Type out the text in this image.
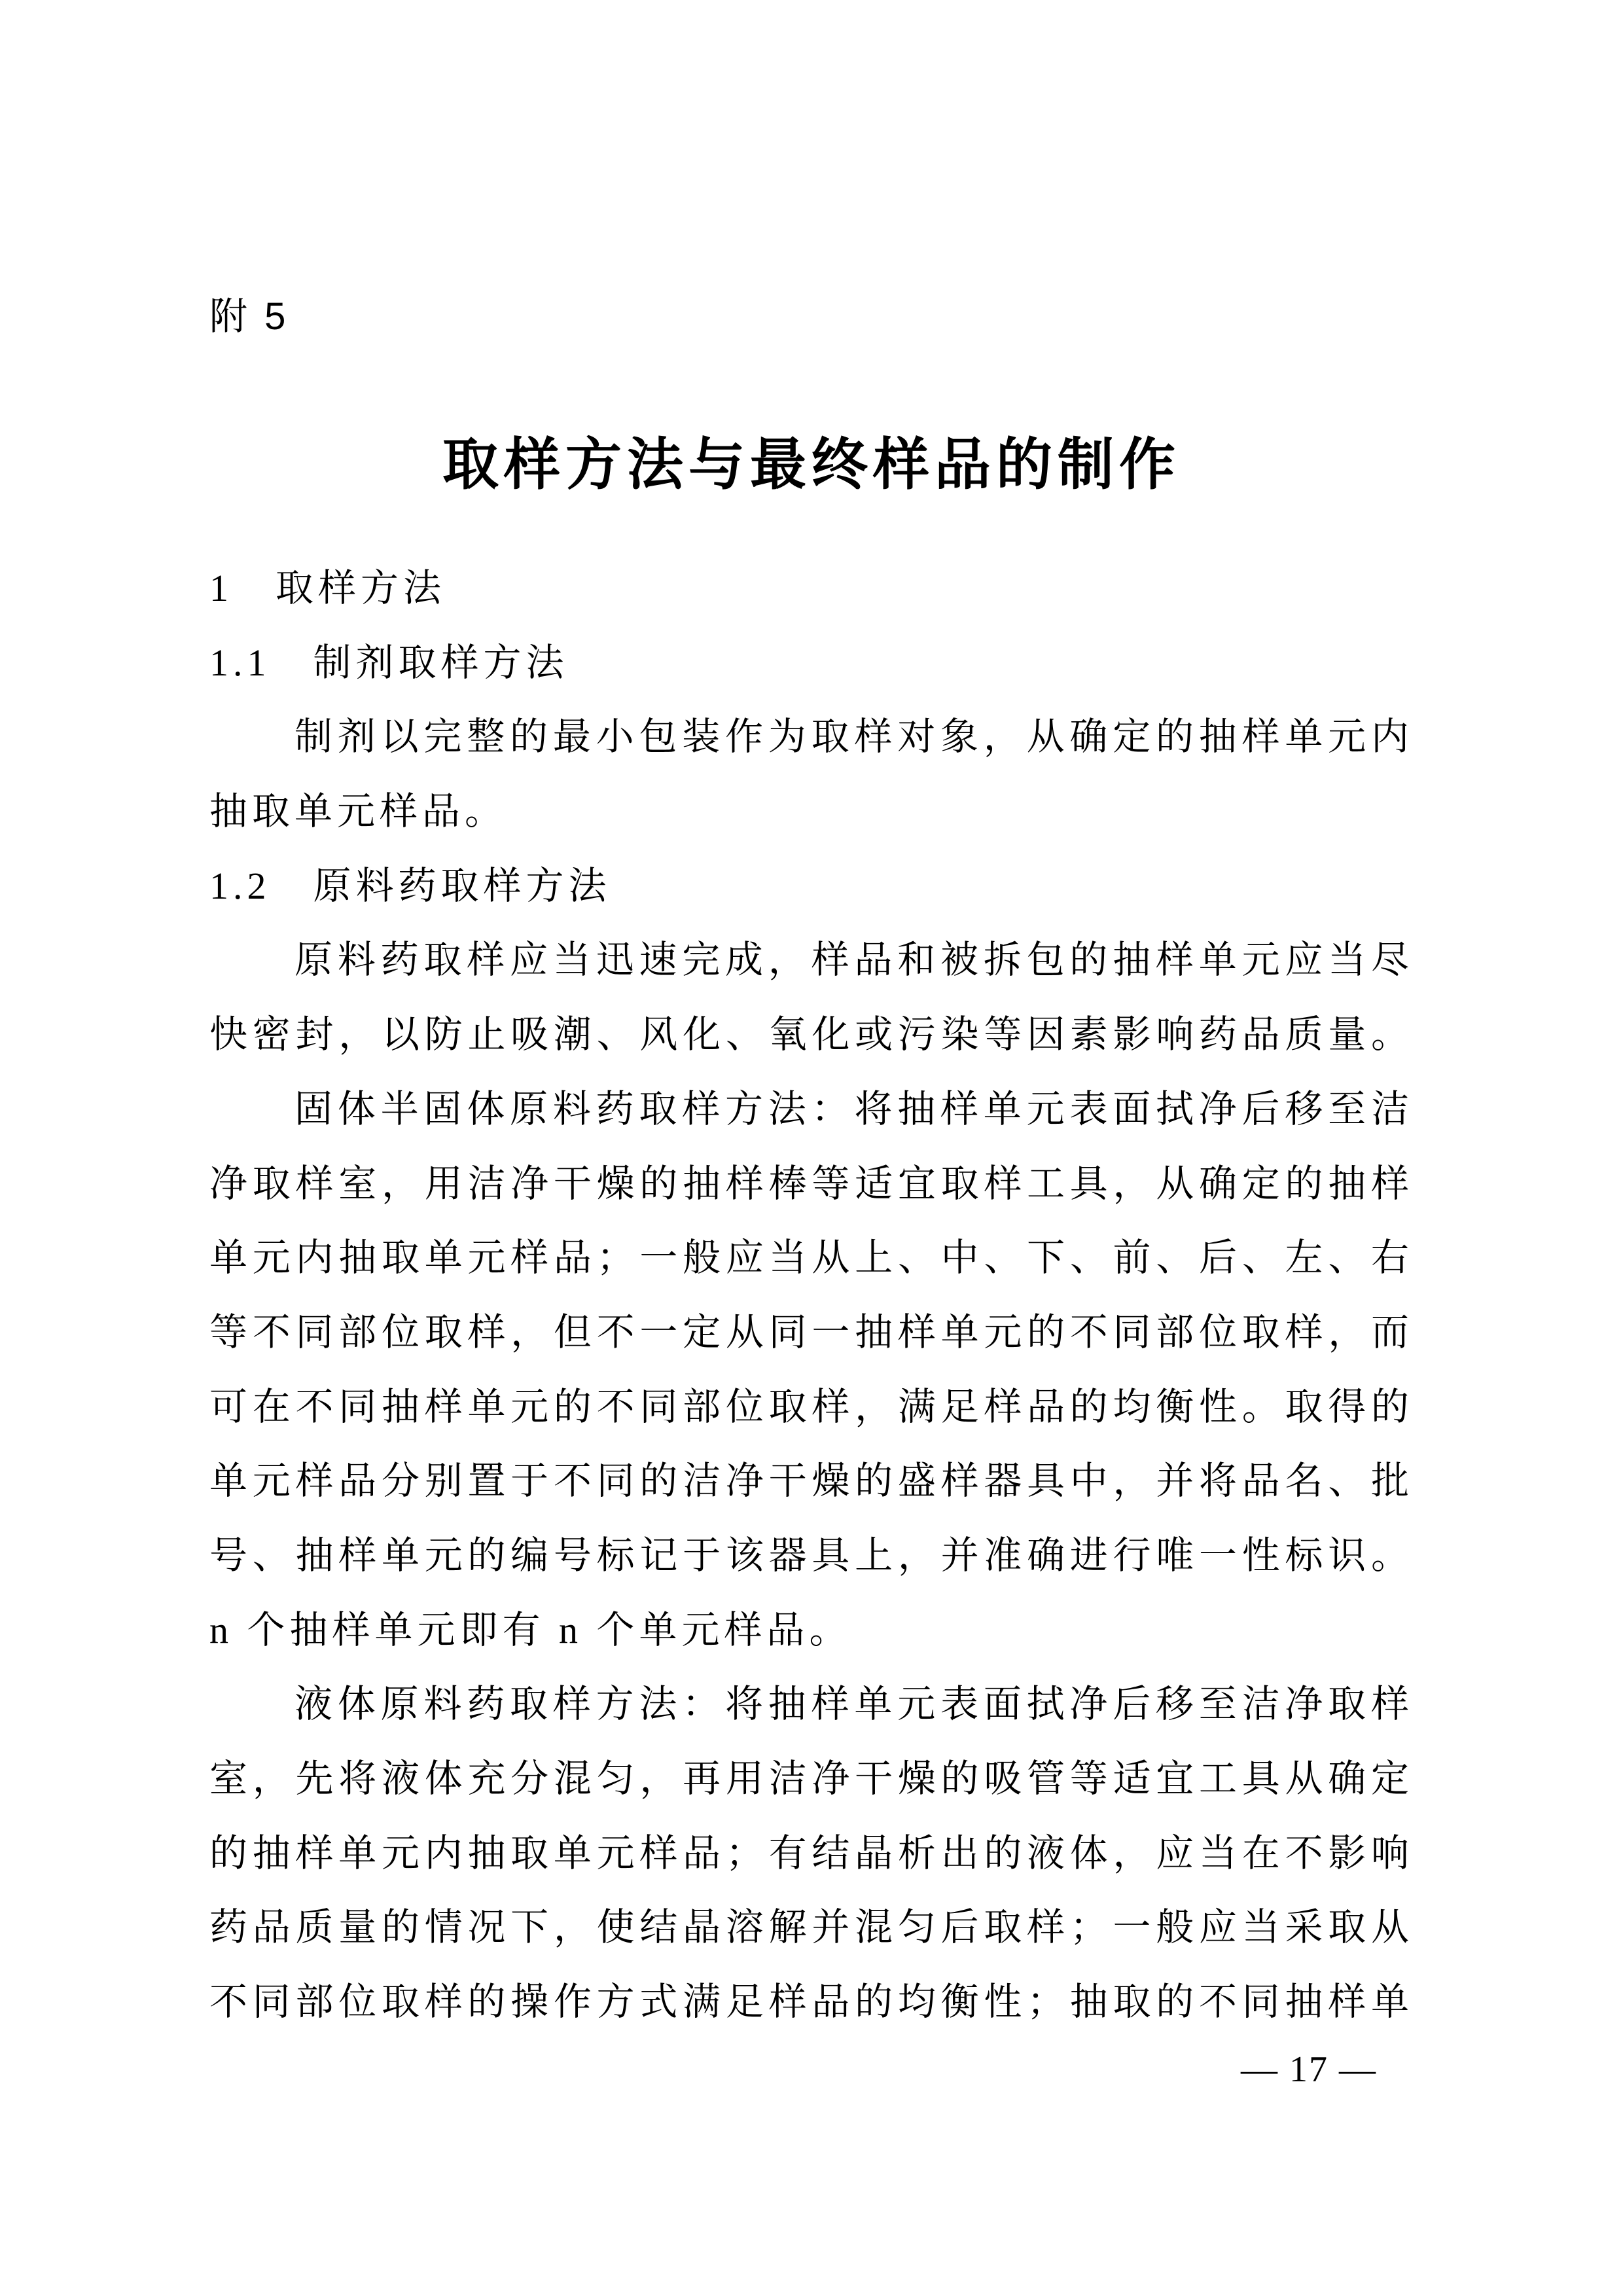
附 5
取样方法与最终样品的制作
1　取样方法
1.1　制剂取样方法
制剂以完整的最小包装作为取样对象，从确定的抽样单元内
抽取单元样品。
1.2　原料药取样方法
原料药取样应当迅速完成，样品和被拆包的抽样单元应当尽
快密封，以防止吸潮、风化、氧化或污染等因素影响药品质量。
固体半固体原料药取样方法：将抽样单元表面拭净后移至洁
净取样室，用洁净干燥的抽样棒等适宜取样工具，从确定的抽样
单元内抽取单元样品；一般应当从上、中、下、前、后、左、右
等不同部位取样，但不一定从同一抽样单元的不同部位取样，而
可在不同抽样单元的不同部位取样，满足样品的均衡性。取得的
单元样品分别置于不同的洁净干燥的盛样器具中，并将品名、批
号、抽样单元的编号标记于该器具上，并准确进行唯一性标识。
n 个抽样单元即有 n 个单元样品。
液体原料药取样方法：将抽样单元表面拭净后移至洁净取样
室，先将液体充分混匀，再用洁净干燥的吸管等适宜工具从确定
的抽样单元内抽取单元样品；有结晶析出的液体，应当在不影响
药品质量的情况下，使结晶溶解并混匀后取样；一般应当采取从
不同部位取样的操作方式满足样品的均衡性；抽取的不同抽样单
— 17 —
